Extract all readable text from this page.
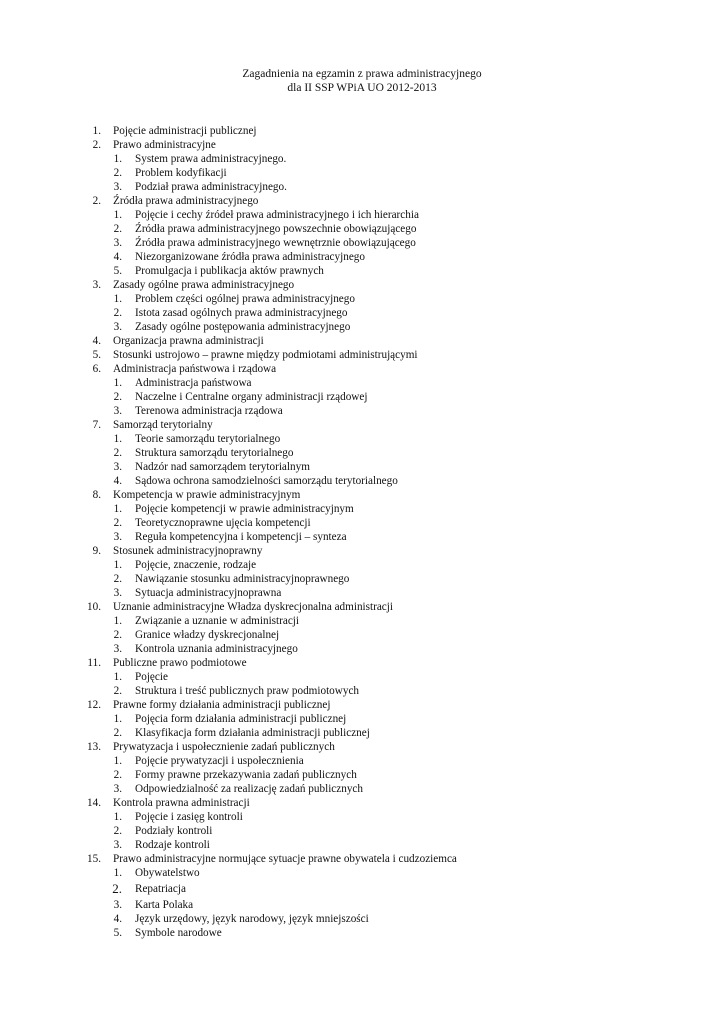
Zagadnienia na egzamin z prawa administracyjnego
dla II SSP WPiA UO 2012-2013
1. Pojęcie administracji publicznej
2. Prawo administracyjne
1. System prawa administracyjnego.
2. Problem kodyfikacji
3. Podział prawa administracyjnego.
2. Źródła prawa administracyjnego
1. Pojęcie i cechy źródeł prawa administracyjnego i ich hierarchia
2. Źródła prawa administracyjnego powszechnie obowiązującego
3. Źródła prawa administracyjnego wewnętrznie obowiązującego
4. Niezorganizowane źródła prawa administracyjnego
5. Promulgacja i publikacja aktów prawnych
3. Zasady ogólne prawa administracyjnego
1. Problem części ogólnej prawa administracyjnego
2. Istota zasad ogólnych prawa administracyjnego
3. Zasady ogólne postępowania administracyjnego
4. Organizacja prawna administracji
5. Stosunki ustrojowo – prawne między podmiotami administrującymi
6. Administracja państwowa i rządowa
1. Administracja państwowa
2. Naczelne i Centralne organy administracji rządowej
3. Terenowa administracja rządowa
7. Samorząd terytorialny
1. Teorie samorządu terytorialnego
2. Struktura samorządu terytorialnego
3. Nadzór nad samorządem terytorialnym
4. Sądowa ochrona samodzielności samorządu terytorialnego
8. Kompetencja w prawie administracyjnym
1. Pojęcie kompetencji w prawie administracyjnym
2. Teoretycznoprawne ujęcia kompetencji
3. Reguła kompetencyjna i kompetencji – synteza
9. Stosunek administracyjnoprawny
1. Pojęcie, znaczenie, rodzaje
2. Nawiązanie stosunku administracyjnoprawnego
3. Sytuacja administracyjnoprawna
10. Uznanie administracyjne Władza dyskrecjonalna administracji
1. Związanie a uznanie w administracji
2. Granice władzy dyskrecjonalnej
3. Kontrola uznania administracyjnego
11. Publiczne prawo podmiotowe
1. Pojęcie
2. Struktura i treść publicznych praw podmiotowych
12. Prawne formy działania administracji publicznej
1. Pojęcia form działania administracji publicznej
2. Klasyfikacja form działania administracji publicznej
13. Prywatyzacja i uspołecznienie zadań publicznych
1. Pojęcie prywatyzacji i uspołecznienia
2. Formy prawne przekazywania zadań publicznych
3. Odpowiedzialność za realizację zadań publicznych
14. Kontrola prawna administracji
1. Pojęcie i zasięg kontroli
2. Podziały kontroli
3. Rodzaje kontroli
15. Prawo administracyjne normujące sytuacje prawne obywatela i cudzoziemca
1. Obywatelstwo
2. Repatriacja
3. Karta Polaka
4. Język urzędowy, język narodowy, język mniejszości
5. Symbole narodowe
